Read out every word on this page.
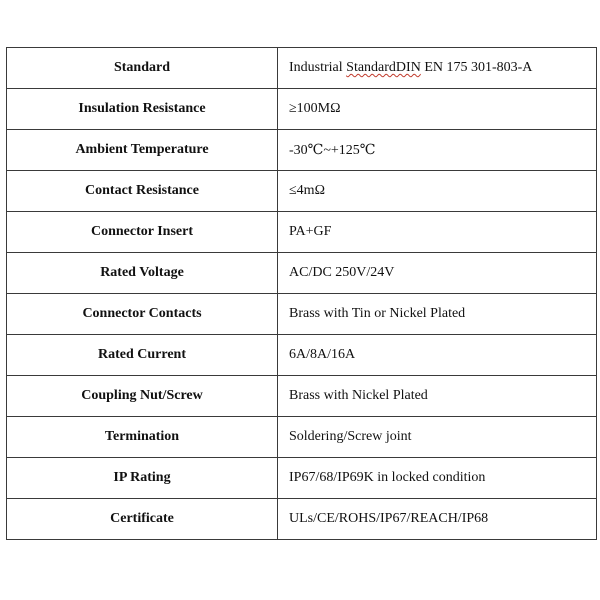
Standard	Industrial StandardDIN EN 175 301-803-A
Insulation Resistance	≥100MΩ
Ambient Temperature	-30℃~+125℃
Contact Resistance	≤4mΩ
Connector Insert	PA+GF
Rated Voltage	AC/DC 250V/24V
Connector Contacts	Brass with Tin or Nickel Plated
Rated Current	6A/8A/16A
Coupling Nut/Screw	Brass with Nickel Plated
Termination	Soldering/Screw joint
IP Rating	IP67/68/IP69K in locked condition
Certificate	ULs/CE/ROHS/IP67/REACH/IP68
